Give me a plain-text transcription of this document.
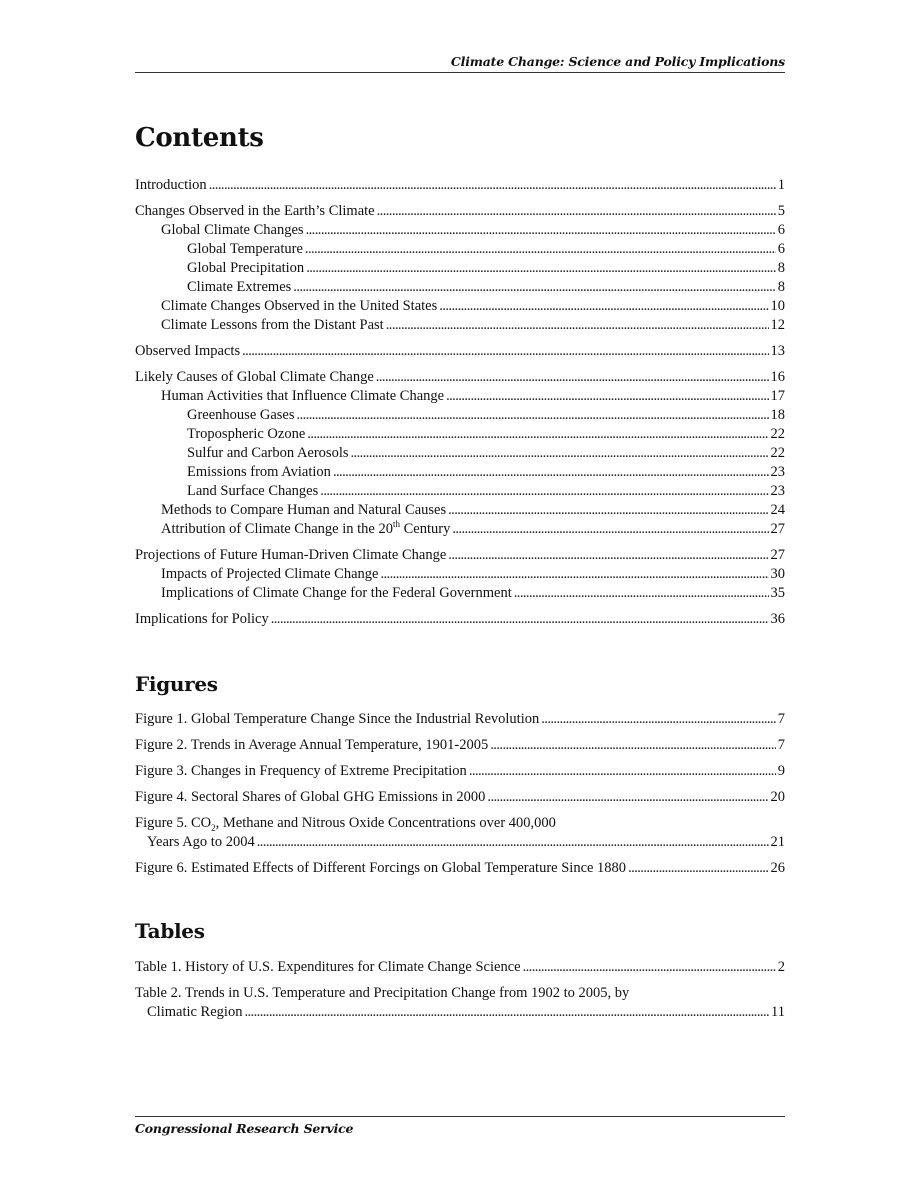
Climate Change: Science and Policy Implications
Contents
Introduction . . .	1
Changes Observed in the Earth’s Climate . . .	5
Global Climate Changes . . .	6
Global Temperature . . .	6
Global Precipitation . . .	8
Climate Extremes . . .	8
Climate Changes Observed in the United States . . .	10
Climate Lessons from the Distant Past . . .	12
Observed Impacts . . .	13
Likely Causes of Global Climate Change . . .	16
Human Activities that Influence Climate Change . . .	17
Greenhouse Gases . . .	18
Tropospheric Ozone . . .	22
Sulfur and Carbon Aerosols . . .	22
Emissions from Aviation . . .	23
Land Surface Changes . . .	23
Methods to Compare Human and Natural Causes . . .	24
Attribution of Climate Change in the 20th Century . . .	27
Projections of Future Human-Driven Climate Change . . .	27
Impacts of Projected Climate Change . . .	30
Implications of Climate Change for the Federal Government . . .	35
Implications for Policy . . .	36
Figures
Figure 1. Global Temperature Change Since the Industrial Revolution . . .	7
Figure 2. Trends in Average Annual Temperature, 1901-2005 . . .	7
Figure 3. Changes in Frequency of Extreme Precipitation . . .	9
Figure 4. Sectoral Shares of Global GHG Emissions in 2000 . . .	20
Figure 5. $CO_2$, Methane and Nitrous Oxide Concentrations over 400,000
Years Ago to 2004 . . .	21
Figure 6. Estimated Effects of Different Forcings on Global Temperature Since 1880 . . .	26
Tables
Table 1. History of U.S. Expenditures for Climate Change Science . . .	2
Table 2. Trends in U.S. Temperature and Precipitation Change from 1902 to 2005, by
Climatic Region . . .	11
Congressional Research Service
